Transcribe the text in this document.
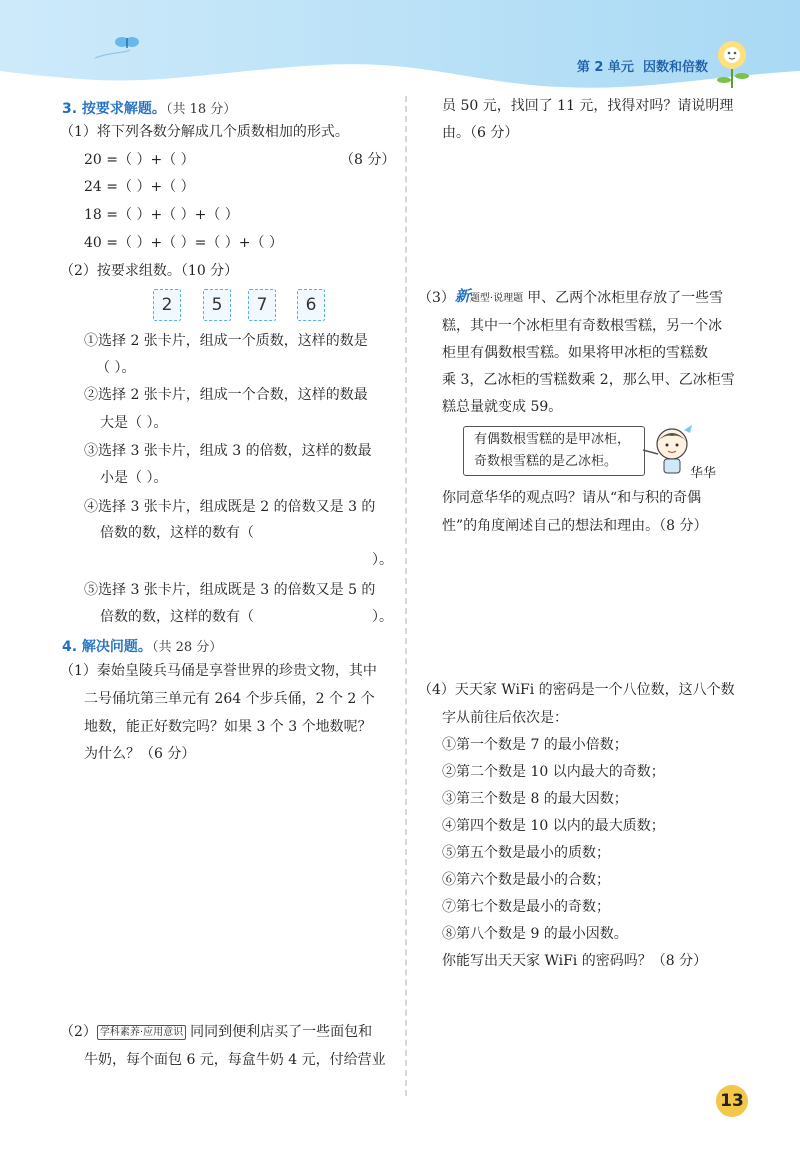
第 2 单元 因数和倍数
3. 按要求解题。（共 18 分）
（1）将下列各数分解成几个质数相加的形式。
20 =（ ）+（ ）	（8 分）
24 =（ ）+（ ）
18 =（ ）+（ ）+（ ）
40 =（ ）+（ ）=（ ）+（ ）
（2）按要求组数。（10 分）
2	5	7	6
①选择 2 张卡片，组成一个质数，这样的数是
（ ）。
②选择 2 张卡片，组成一个合数，这样的数最
大是（ ）。
③选择 3 张卡片，组成 3 的倍数，这样的数最
小是（ ）。
④选择 3 张卡片，组成既是 2 的倍数又是 3 的
倍数的数，这样的数有（
）。
⑤选择 3 张卡片，组成既是 3 的倍数又是 5 的
倍数的数，这样的数有（	）。
4. 解决问题。（共 28 分）
（1）秦始皇陵兵马俑是享誉世界的珍贵文物，其中
二号俑坑第三单元有 264 个步兵俑，2 个 2 个
地数，能正好数完吗？如果 3 个 3 个地数呢？
为什么？（6 分）
（2） 学科素养·应用意识 同同到便利店买了一些面包和
牛奶，每个面包 6 元，每盒牛奶 4 元，付给营业
员 50 元，找回了 11 元，找得对吗？请说明理
由。（6 分）
（3）新题型·说理题 甲、乙两个冰柜里存放了一些雪
糕，其中一个冰柜里有奇数根雪糕，另一个冰
柜里有偶数根雪糕。如果将甲冰柜的雪糕数
乘 3，乙冰柜的雪糕数乘 2，那么甲、乙冰柜雪
糕总量就变成 59。
有偶数根雪糕的是甲冰柜，
奇数根雪糕的是乙冰柜。
华华
你同意华华的观点吗？请从“和与积的奇偶
性”的角度阐述自己的想法和理由。（8 分）
（4）天天家 WiFi 的密码是一个八位数，这八个数
字从前往后依次是：
①第一个数是 7 的最小倍数；
②第二个数是 10 以内最大的奇数；
③第三个数是 8 的最大因数；
④第四个数是 10 以内的最大质数；
⑤第五个数是最小的质数；
⑥第六个数是最小的合数；
⑦第七个数是最小的奇数；
⑧第八个数是 9 的最小因数。
你能写出天天家 WiFi 的密码吗？（8 分）
13
